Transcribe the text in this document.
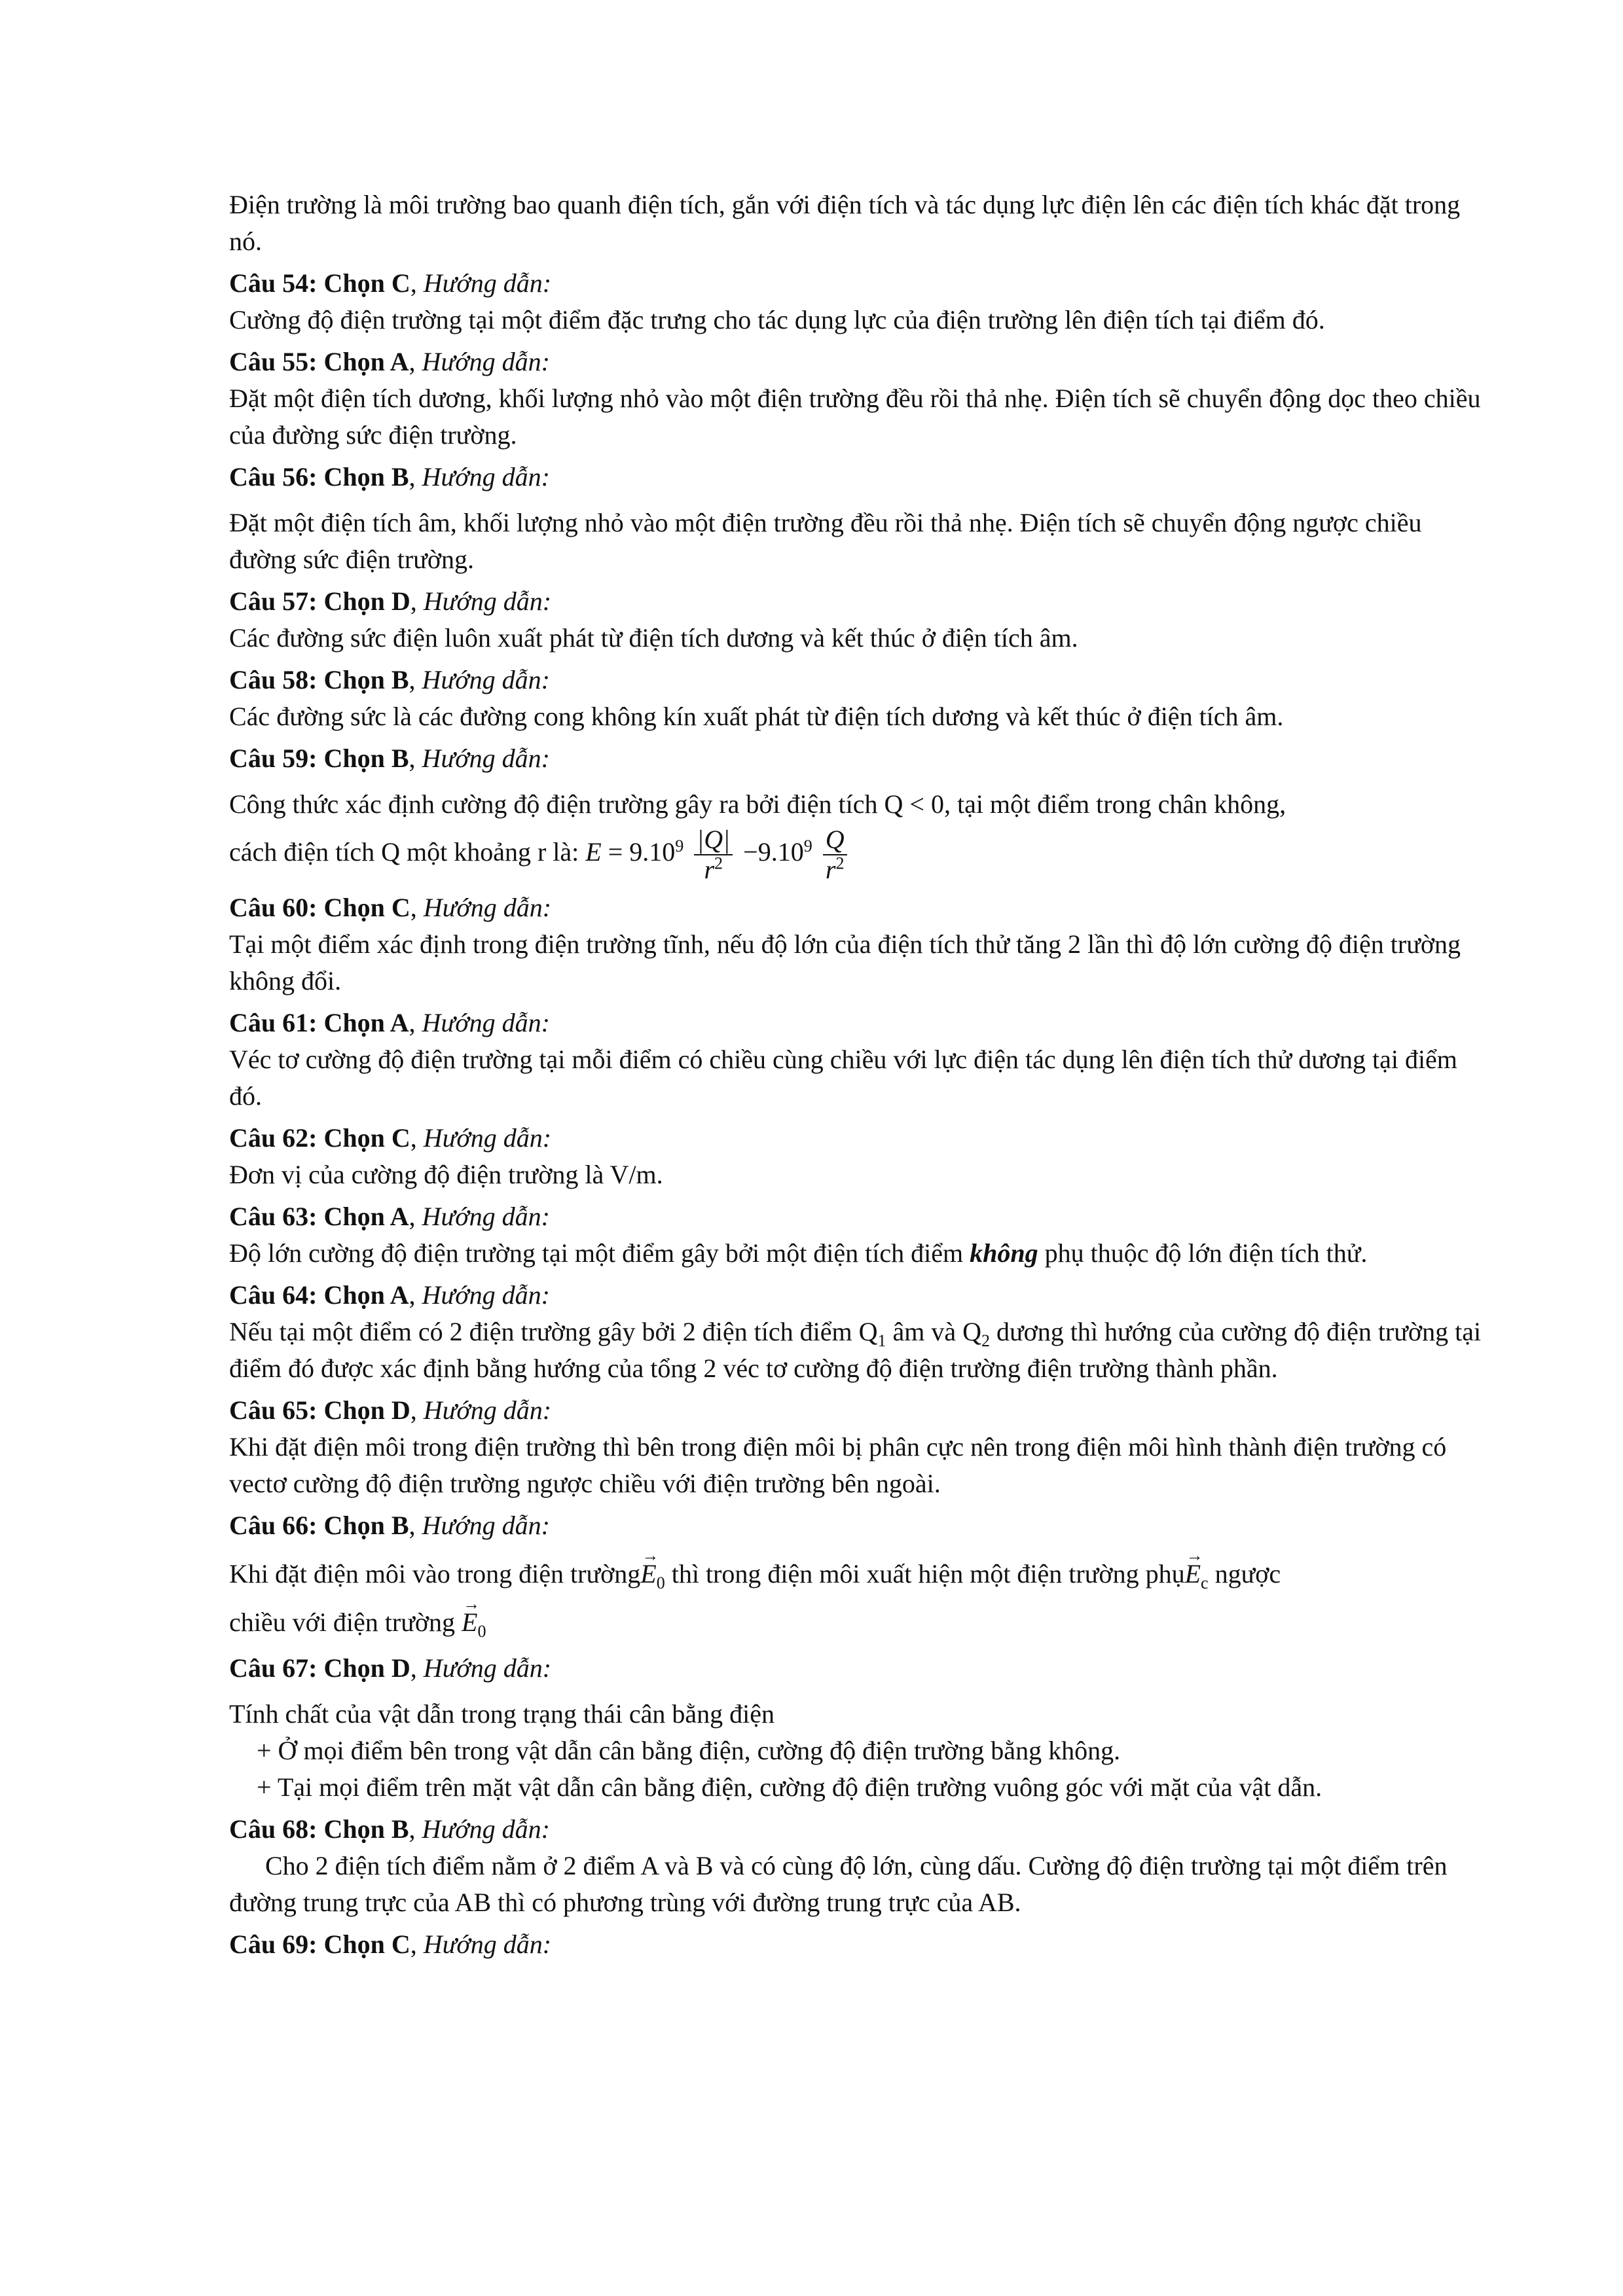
Điện trường là môi trường bao quanh điện tích, gắn với điện tích và tác dụng lực điện lên các điện tích khác đặt trong nó.

Câu 54: Chọn C, Hướng dẫn:

Cường độ điện trường tại một điểm đặc trưng cho tác dụng lực của điện trường lên điện tích tại điểm đó.

Câu 55: Chọn A, Hướng dẫn:

Đặt một điện tích dương, khối lượng nhỏ vào một điện trường đều rồi thả nhẹ. Điện tích sẽ chuyển động dọc theo chiều của đường sức điện trường.

Câu 56: Chọn B, Hướng dẫn:

Đặt một điện tích âm, khối lượng nhỏ vào một điện trường đều rồi thả nhẹ. Điện tích sẽ chuyển động ngược chiều đường sức điện trường.

Câu 57: Chọn D, Hướng dẫn:

Các đường sức điện luôn xuất phát từ điện tích dương và kết thúc ở điện tích âm.

Câu 58: Chọn B, Hướng dẫn:

Các đường sức là các đường cong không kín xuất phát từ điện tích dương và kết thúc ở điện tích âm.

Câu 59: Chọn B, Hướng dẫn:

Công thức xác định cường độ điện trường gây ra bởi điện tích Q < 0, tại một điểm trong chân không,

cách điện tích Q một khoảng r là: $E = 9.10^9 \frac{|Q|}{r^2} -9.10^9 \frac{Q}{r^2}$

Câu 60: Chọn C, Hướng dẫn:

Tại một điểm xác định trong điện trường tĩnh, nếu độ lớn của điện tích thử tăng 2 lần thì độ lớn cường độ điện trường không đổi.

Câu 61: Chọn A, Hướng dẫn:

Véc tơ cường độ điện trường tại mỗi điểm có chiều cùng chiều với lực điện tác dụng lên điện tích thử dương tại điểm đó.

Câu 62: Chọn C, Hướng dẫn:

Đơn vị của cường độ điện trường là V/m.

Câu 63: Chọn A, Hướng dẫn:

Độ lớn cường độ điện trường tại một điểm gây bởi một điện tích điểm không phụ thuộc độ lớn điện tích thử.

Câu 64: Chọn A, Hướng dẫn:

Nếu tại một điểm có 2 điện trường gây bởi 2 điện tích điểm $Q_1$ âm và $Q_2$ dương thì hướng của cường độ điện trường tại điểm đó được xác định bằng hướng của tổng 2 véc tơ cường độ điện trường điện trường thành phần.

Câu 65: Chọn D, Hướng dẫn:

Khi đặt điện môi trong điện trường thì bên trong điện môi bị phân cực nên trong điện môi hình thành điện trường có vectơ cường độ điện trường ngược chiều với điện trường bên ngoài.

Câu 66: Chọn B, Hướng dẫn:

Khi đặt điện môi vào trong điện trường→ $E_0$ thì trong điện môi xuất hiện một điện trường phụ→ $E_c$ ngược

chiều với điện trường → $E_0$

Câu 67: Chọn D, Hướng dẫn:

Tính chất của vật dẫn trong trạng thái cân bằng điện

+ Ở mọi điểm bên trong vật dẫn cân bằng điện, cường độ điện trường bằng không.

+ Tại mọi điểm trên mặt vật dẫn cân bằng điện, cường độ điện trường vuông góc với mặt của vật dẫn.

Câu 68: Chọn B, Hướng dẫn:

Cho 2 điện tích điểm nằm ở 2 điểm A và B và có cùng độ lớn, cùng dấu. Cường độ điện trường tại một điểm trên đường trung trực của AB thì có phương trùng với đường trung trực của AB.

Câu 69: Chọn C, Hướng dẫn:
